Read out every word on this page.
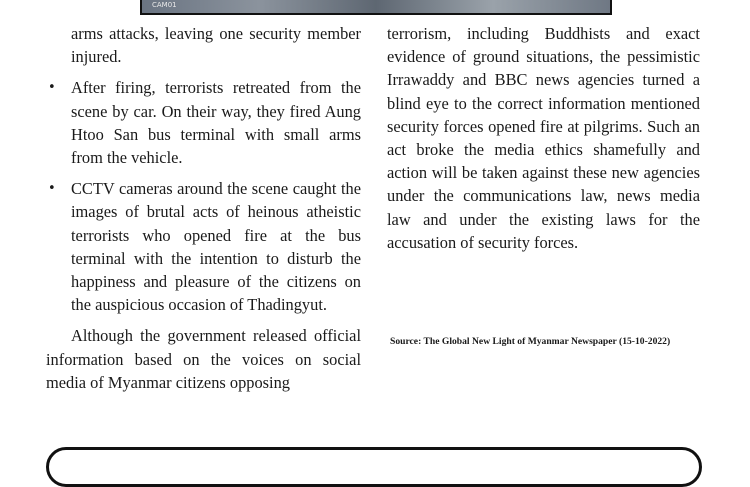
CAM01

arms attacks, leaving one security member injured.

• After firing, terrorists retreated from the scene by car. On their way, they fired Aung Htoo San bus terminal with small arms from the vehicle.
• CCTV cameras around the scene caught the images of brutal acts of heinous atheistic terrorists who opened fire at the bus terminal with the intention to disturb the happiness and pleasure of the citizens on the auspicious occasion of Thadingyut.

Although the government released official information based on the voices on social media of Myanmar citizens opposing

terrorism, including Buddhists and exact evidence of ground situations, the pessimistic Irrawaddy and BBC news agencies turned a blind eye to the correct information mentioned security forces opened fire at pilgrims. Such an act broke the media ethics shamefully and action will be taken against these new agencies under the communications law, news media law and under the existing laws for the accusation of security forces.

Source: The Global New Light of Myanmar Newspaper (15-10-2022)
